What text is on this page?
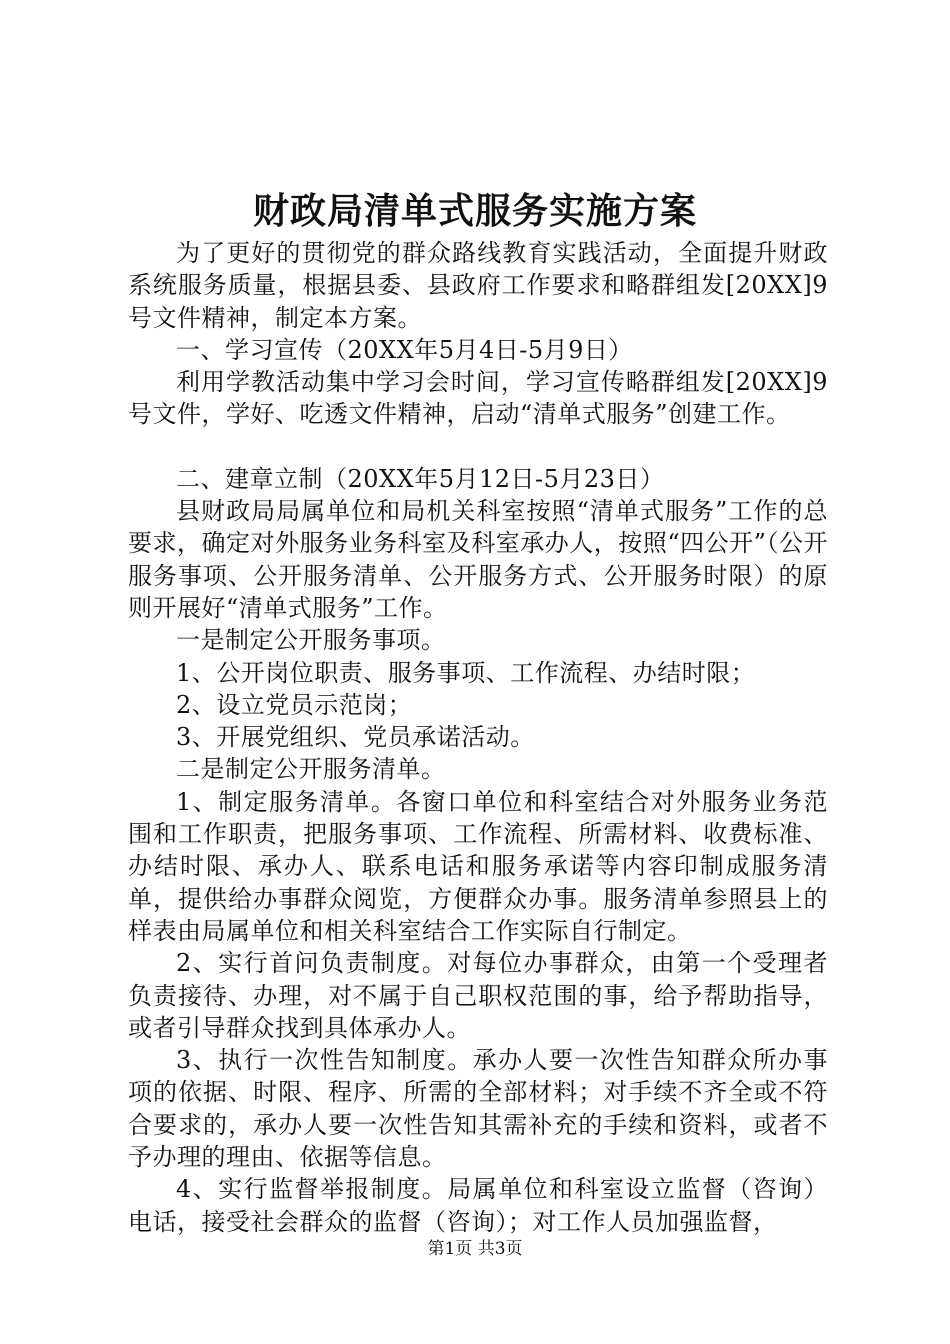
财政局清单式服务实施方案

为了更好的贯彻党的群众路线教育实践活动，全面提升财政系统服务质量，根据县委、县政府工作要求和略群组发[20XX]9号文件精神，制定本方案。

一、学习宣传（20XX年5月4日-5月9日）

利用学教活动集中学习会时间，学习宣传略群组发[20XX]9号文件，学好、吃透文件精神，启动“清单式服务”创建工作。

二、建章立制（20XX年5月12日-5月23日）

县财政局局属单位和局机关科室按照“清单式服务”工作的总要求，确定对外服务业务科室及科室承办人，按照“四公开”（公开服务事项、公开服务清单、公开服务方式、公开服务时限）的原则开展好“清单式服务”工作。

一是制定公开服务事项。

1、公开岗位职责、服务事项、工作流程、办结时限；

2、设立党员示范岗；

3、开展党组织、党员承诺活动。

二是制定公开服务清单。

1、制定服务清单。各窗口单位和科室结合对外服务业务范围和工作职责，把服务事项、工作流程、所需材料、收费标准、办结时限、承办人、联系电话和服务承诺等内容印制成服务清单，提供给办事群众阅览，方便群众办事。服务清单参照县上的样表由局属单位和相关科室结合工作实际自行制定。

2、实行首问负责制度。对每位办事群众，由第一个受理者负责接待、办理，对不属于自己职权范围的事，给予帮助指导，或者引导群众找到具体承办人。

3、执行一次性告知制度。承办人要一次性告知群众所办事项的依据、时限、程序、所需的全部材料；对手续不齐全或不符合要求的，承办人要一次性告知其需补充的手续和资料，或者不予办理的理由、依据等信息。

4、实行监督举报制度。局属单位和科室设立监督（咨询）电话，接受社会群众的监督（咨询）；对工作人员加强监督，

第1页 共3页
